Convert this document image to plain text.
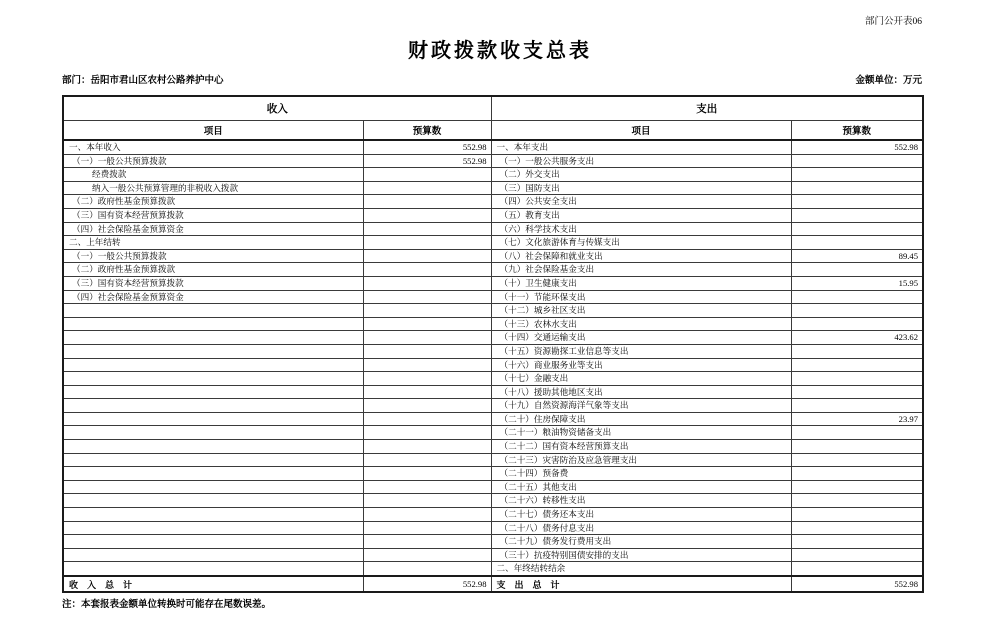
部门公开表06
财政拨款收支总表
部门：岳阳市君山区农村公路养护中心	金额单位：万元
收入		支出	
项目	预算数	项目	预算数
一、本年收入	552.98	一、本年支出	552.98
（一）一般公共预算拨款	552.98	（一）一般公共服务支出	
经费拨款		（二）外交支出	
纳入一般公共预算管理的非税收入拨款		（三）国防支出	
（二）政府性基金预算拨款		（四）公共安全支出	
（三）国有资本经营预算拨款		（五）教育支出	
（四）社会保险基金预算资金		（六）科学技术支出	
二、上年结转		（七）文化旅游体育与传媒支出	
（一）一般公共预算拨款		（八）社会保障和就业支出	89.45
（二）政府性基金预算拨款		（九）社会保险基金支出	
（三）国有资本经营预算拨款		（十）卫生健康支出	15.95
（四）社会保险基金预算资金		（十一）节能环保支出	
		（十二）城乡社区支出	
		（十三）农林水支出	
		（十四）交通运输支出	423.62
		（十五）资源勘探工业信息等支出	
		（十六）商业服务业等支出	
		（十七）金融支出	
		（十八）援助其他地区支出	
		（十九）自然资源海洋气象等支出	
		（二十）住房保障支出	23.97
		（二十一）粮油物资储备支出	
		（二十二）国有资本经营预算支出	
		（二十三）灾害防治及应急管理支出	
		（二十四）预备费	
		（二十五）其他支出	
		（二十六）转移性支出	
		（二十七）债务还本支出	
		（二十八）债务付息支出	
		（二十九）债务发行费用支出	
		（三十）抗疫特别国债安排的支出	
		二、年终结转结余	
收　入　总　计	552.98	支　出　总　计	552.98
注：本套报表金额单位转换时可能存在尾数误差。
